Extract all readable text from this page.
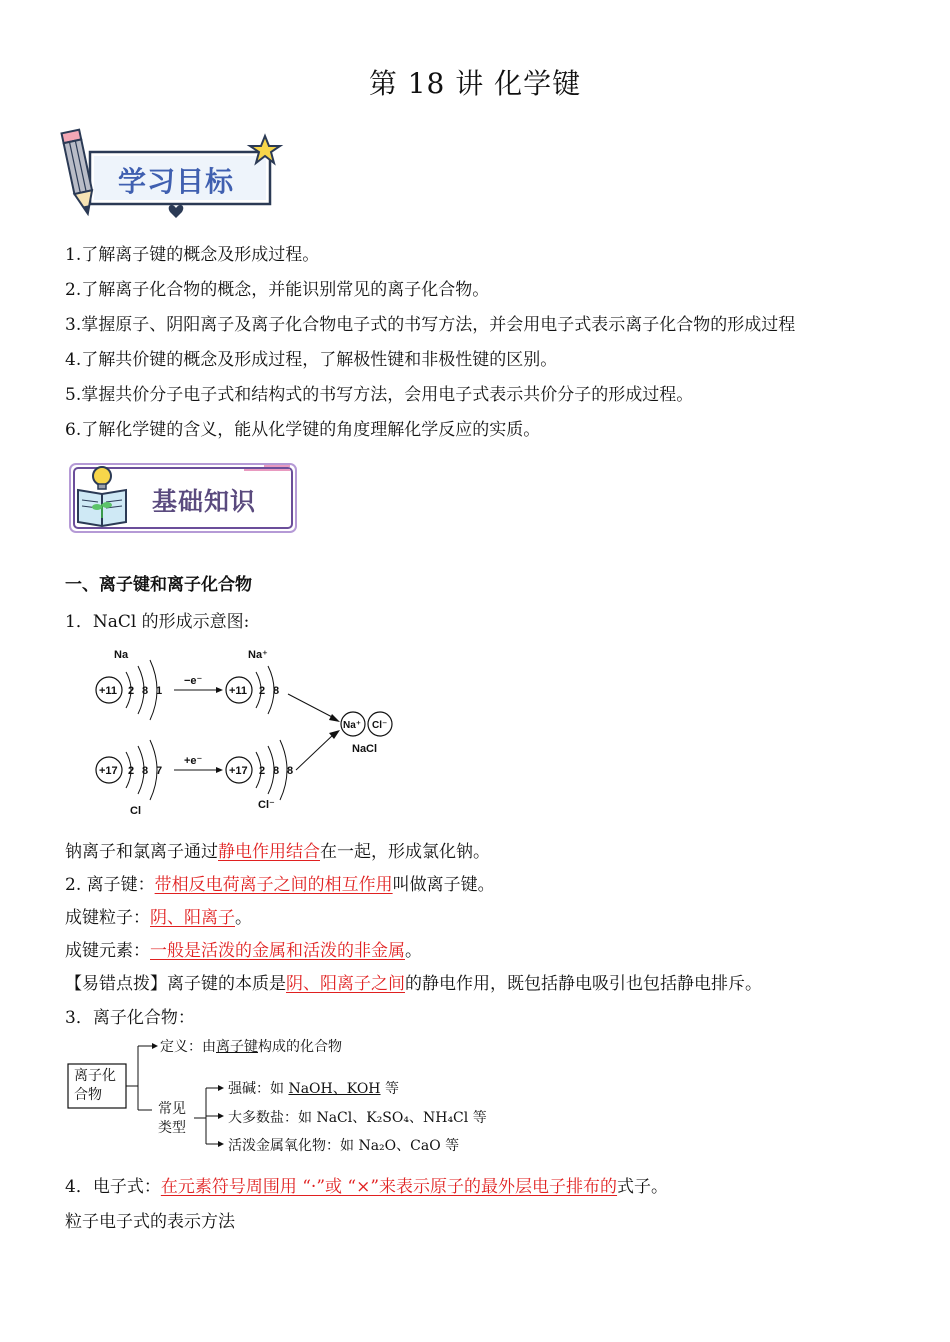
第 18 讲 化学键
学习目标
1.了解离子键的概念及形成过程。
2.了解离子化合物的概念，并能识别常见的离子化合物。
3.掌握原子、阴阳离子及离子化合物电子式的书写方法，并会用电子式表示离子化合物的形成过程
4.了解共价键的概念及形成过程，了解极性键和非极性键的区别。
5.掌握共价分子电子式和结构式的书写方法，会用电子式表示共价分子的形成过程。
6.了解化学键的含义，能从化学键的角度理解化学反应的实质。
基础知识
一、离子键和离子化合物
1．NaCl 的形成示意图:
Na
+11 2 8 1
−e⁻
Na⁺
+11 2 8
Na⁺ Cl⁻
NaCl
+17 2 8 7
Cl
+e⁻
+17 2 8 8
Cl⁻
钠离子和氯离子通过静电作用结合在一起，形成氯化钠。
2. 离子键：带相反电荷离子之间的相互作用叫做离子键。
成键粒子：阴、阳离子。
成键元素：一般是活泼的金属和活泼的非金属。
【易错点拨】离子键的本质是阴、阳离子之间的静电作用，既包括静电吸引也包括静电排斥。
3．离子化合物：
离子化
合物
定义：由离子键构成的化合物
常见
类型
强碱：如 NaOH、KOH 等
大多数盐：如 NaCl、K₂SO₄、NH₄Cl 等
活泼金属氧化物：如 Na₂O、CaO 等
4．电子式：在元素符号周围用 “·”或 “×”来表示原子的最外层电子排布的式子。
粒子电子式的表示方法
